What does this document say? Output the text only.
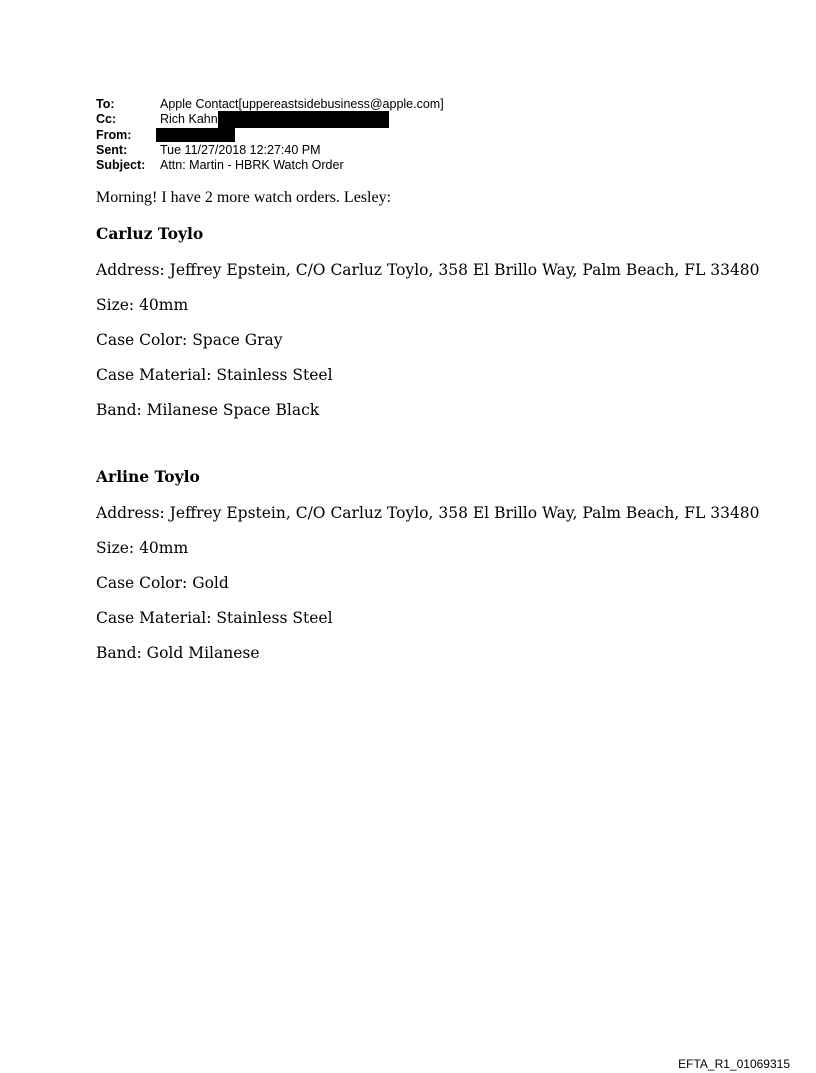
To:	Apple Contact[uppereastsidebusiness@apple.com]
Cc:	Rich Kahn
From:
Sent:	Tue 11/27/2018 12:27:40 PM
Subject:	Attn: Martin - HBRK Watch Order
Morning! I have 2 more watch orders. Lesley:
Carluz Toylo
Address: Jeffrey Epstein, C/O Carluz Toylo, 358 El Brillo Way, Palm Beach, FL 33480
Size: 40mm
Case Color: Space Gray
Case Material: Stainless Steel
Band: Milanese Space Black
Arline Toylo
Address: Jeffrey Epstein, C/O Carluz Toylo, 358 El Brillo Way, Palm Beach, FL 33480
Size: 40mm
Case Color: Gold
Case Material: Stainless Steel
Band: Gold Milanese
EFTA_R1_01069315
